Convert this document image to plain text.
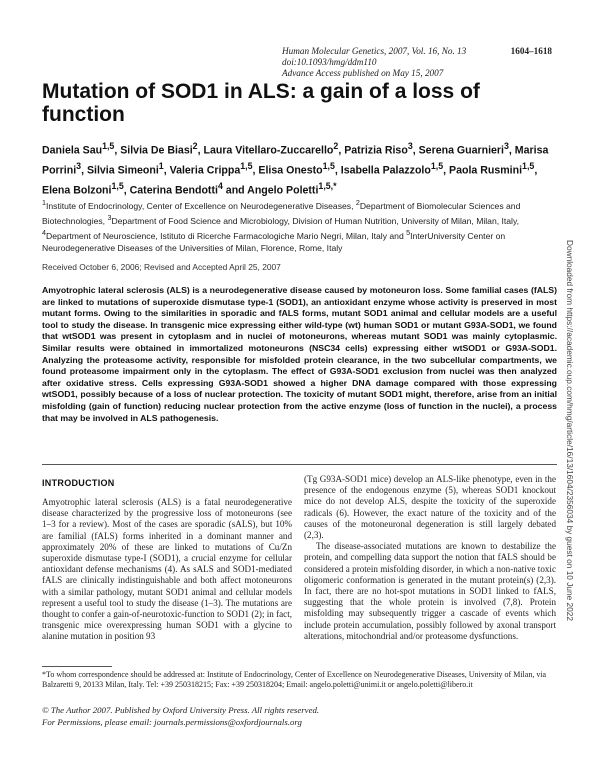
Human Molecular Genetics, 2007, Vol. 16, No. 13	1604–1618
doi:10.1093/hmg/ddm110
Advance Access published on May 15, 2007
Mutation of SOD1 in ALS: a gain of a loss of function
Daniela Sau$^{1,5}$, Silvia De Biasi$^2$, Laura Vitellaro-Zuccarello$^2$, Patrizia Riso$^3$, Serena Guarnieri$^3$, Marisa Porrini$^3$, Silvia Simeoni$^1$, Valeria Crippa$^{1,5}$, Elisa Onesto$^{1,5}$, Isabella Palazzolo$^{1,5}$, Paola Rusmini$^{1,5}$, Elena Bolzoni$^{1,5}$, Caterina Bendotti$^4$ and Angelo Poletti$^{1,5,*}$
$^1$Institute of Endocrinology, Center of Excellence on Neurodegenerative Diseases, $^2$Department of Biomolecular Sciences and Biotechnologies, $^3$Department of Food Science and Microbiology, Division of Human Nutrition, University of Milan, Milan, Italy, $^4$Department of Neuroscience, Istituto di Ricerche Farmacologiche Mario Negri, Milan, Italy and $^5$InterUniversity Center on Neurodegenerative Diseases of the Universities of Milan, Florence, Rome, Italy
Received October 6, 2006; Revised and Accepted April 25, 2007
Amyotrophic lateral sclerosis (ALS) is a neurodegenerative disease caused by motoneuron loss. Some familial cases (fALS) are linked to mutations of superoxide dismutase type-1 (SOD1), an antioxidant enzyme whose activity is preserved in most mutant forms. Owing to the similarities in sporadic and fALS forms, mutant SOD1 animal and cellular models are a useful tool to study the disease. In transgenic mice expressing either wild-type (wt) human SOD1 or mutant G93A-SOD1, we found that wtSOD1 was present in cytoplasm and in nuclei of motoneurons, whereas mutant SOD1 was mainly cytoplasmic. Similar results were obtained in immortalized motoneurons (NSC34 cells) expressing either wtSOD1 or G93A-SOD1. Analyzing the proteasome activity, responsible for misfolded protein clearance, in the two subcellular compartments, we found proteasome impairment only in the cytoplasm. The effect of G93A-SOD1 exclusion from nuclei was then analyzed after oxidative stress. Cells expressing G93A-SOD1 showed a higher DNA damage compared with those expressing wtSOD1, possibly because of a loss of nuclear protection. The toxicity of mutant SOD1 might, therefore, arise from an initial misfolding (gain of function) reducing nuclear protection from the active enzyme (loss of function in the nuclei), a process that may be involved in ALS pathogenesis.
INTRODUCTION

Amyotrophic lateral sclerosis (ALS) is a fatal neurodegenerative disease characterized by the progressive loss of motoneurons (see 1–3 for a review). Most of the cases are sporadic (sALS), but 10% are familial (fALS) forms inherited in a dominant manner and approximately 20% of these are linked to mutations of Cu/Zn superoxide dismutase type-I (SOD1), a crucial enzyme for cellular antioxidant defense mechanisms (4). As sALS and SOD1-mediated fALS are clinically indistinguishable and both affect motoneurons with a similar pathology, mutant SOD1 animal and cellular models represent a useful tool to study the disease (1–3). The mutations are thought to confer a gain-of-neurotoxic-function to SOD1 (2); in fact, transgenic mice overexpressing human SOD1 with a glycine to alanine mutation in position 93

(Tg G93A-SOD1 mice) develop an ALS-like phenotype, even in the presence of the endogenous enzyme (5), whereas SOD1 knockout mice do not develop ALS, despite the toxicity of the superoxide radicals (6). However, the exact nature of the toxicity and of the causes of the motoneuronal degeneration is still largely debated (2,3).

The disease-associated mutations are known to destabilize the protein, and compelling data support the notion that fALS should be considered a protein misfolding disorder, in which a non-native toxic oligomeric conformation is generated in the mutant protein(s) (2,3). In fact, there are no hot-spot mutations in SOD1 linked to fALS, suggesting that the whole protein is involved (7,8). Protein misfolding may subsequently trigger a cascade of events which include protein accumulation, possibly followed by axonal transport alterations, mitochondrial and/or proteasome dysfunctions.

*To whom correspondence should be addressed at: Institute of Endocrinology, Center of Excellence on Neurodegenerative Diseases, University of Milan, via Balzaretti 9, 20133 Milan, Italy. Tel: +39 250318215; Fax: +39 250318204; Email: angelo.poletti@unimi.it or angelo.poletti@libero.it
© The Author 2007. Published by Oxford University Press. All rights reserved.
For Permissions, please email: journals.permissions@oxfordjournals.org
Downloaded from https://academic.oup.com/hmg/article/16/13/1604/2356034 by guest on 10 June 2022
